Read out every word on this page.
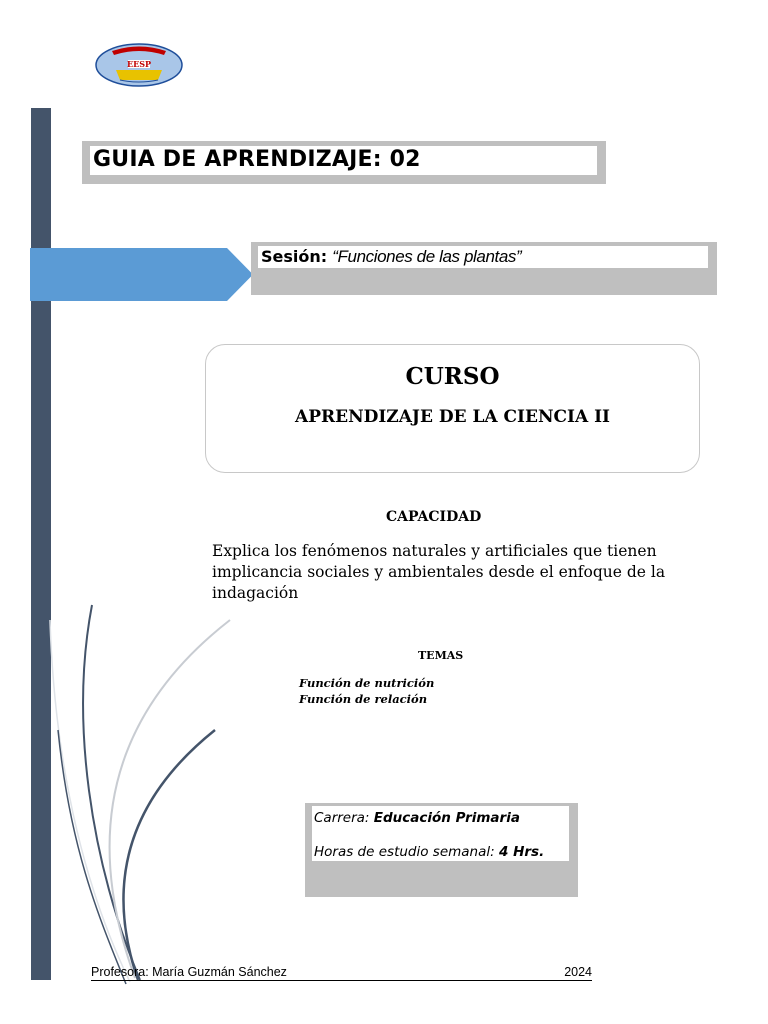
EESP
GUIA DE APRENDIZAJE: 02
Sesión: “Funciones de las plantas”
CURSO
APRENDIZAJE DE LA CIENCIA II
CAPACIDAD
Explica los fenómenos naturales y artificiales que tienen implicancia sociales y ambientales desde el enfoque de la indagación
TEMAS
Función de nutrición
Función de relación
Carrera: Educación Primaria
Horas de estudio semanal: 4 Hrs.
Profesora: María Guzmán Sánchez	2024
